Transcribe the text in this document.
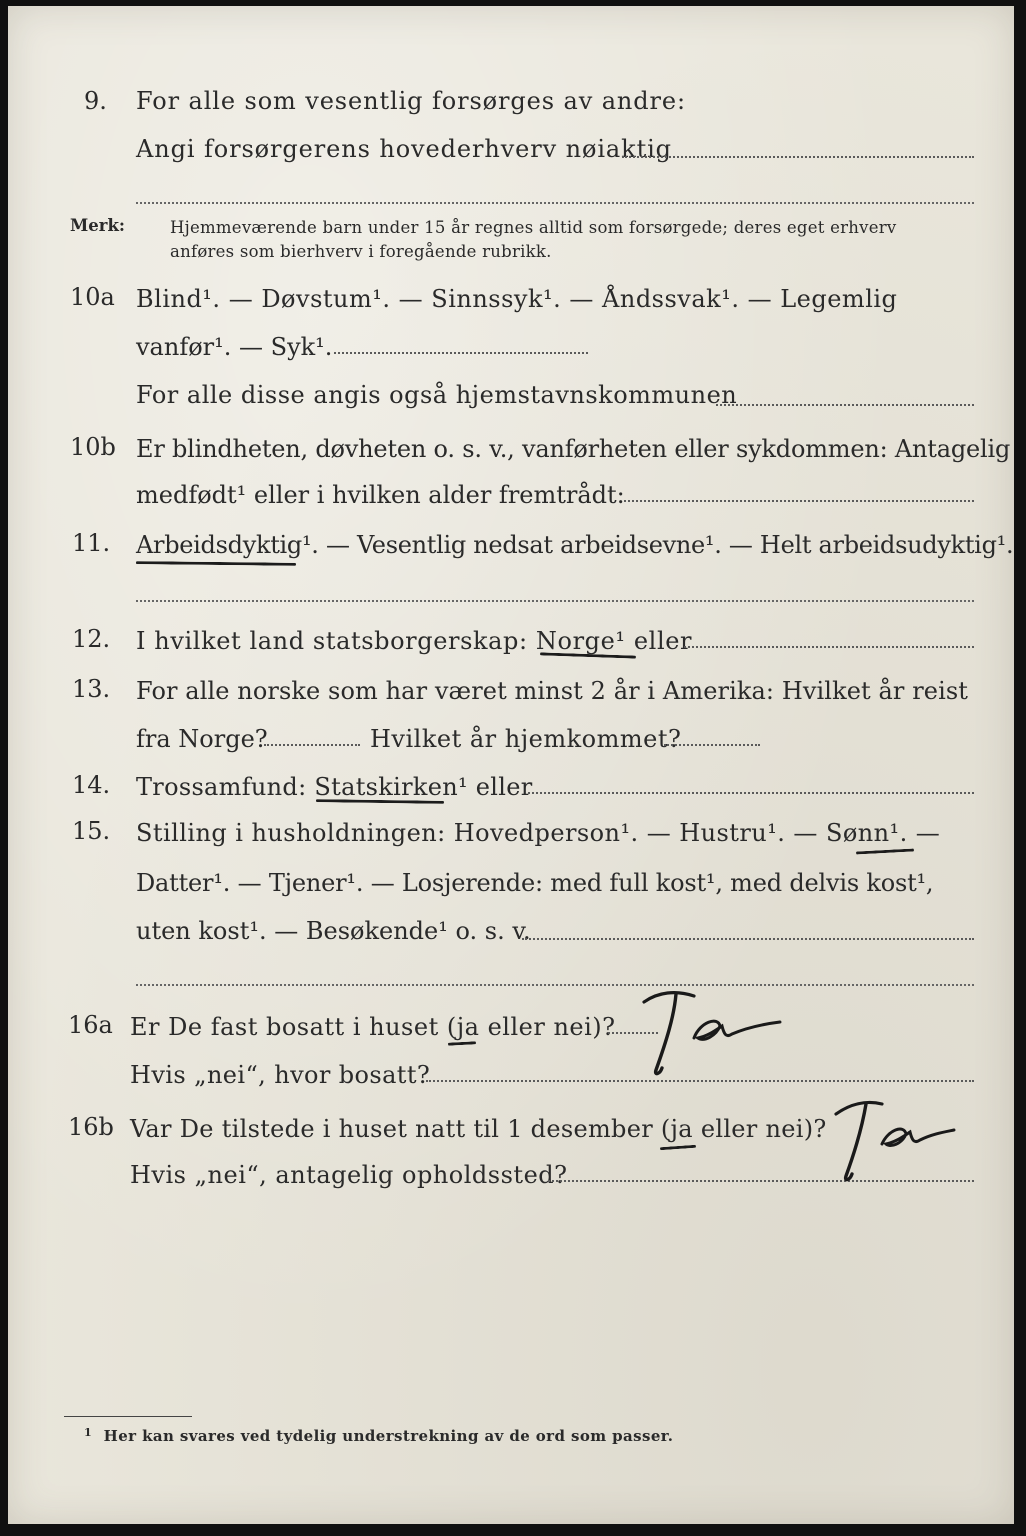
9. For alle som vesentlig forsørges av andre:
Angi forsørgerens hovederhverv nøiaktig
Merk:	Hjemmeværende barn under 15 år regnes alltid som forsørgede; deres eget erhverv
anføres som bierhverv i foregående rubrikk.
10a Blind¹. — Døvstum¹. — Sinnssyk¹. — Åndssvak¹. — Legemlig
vanfør¹. — Syk¹.
For alle disse angis også hjemstavnskommunen
10b Er blindheten, døvheten o. s. v., vanførheten eller sykdommen: Antagelig
medfødt¹ eller i hvilken alder fremtrådt:
11. Arbeidsdyktig¹. — Vesentlig nedsat arbeidsevne¹. — Helt arbeidsudyktig¹.
12. I hvilket land statsborgerskap: Norge¹ eller
13. For alle norske som har været minst 2 år i Amerika: Hvilket år reist
fra Norge?	Hvilket år hjemkommet?
14. Trossamfund: Statskirken¹ eller
15. Stilling i husholdningen: Hovedperson¹. — Hustru¹. — Sønn¹. —
Datter¹. — Tjener¹. — Losjerende: med full kost¹, med delvis kost¹,
uten kost¹. — Besøkende¹ o. s. v.
16a Er De fast bosatt i huset (ja eller nei)?
Hvis „nei“, hvor bosatt?
16b Var De tilstede i huset natt til 1 desember (ja eller nei)?
Hvis „nei“, antagelig opholdssted?
$^1$ Her kan svares ved tydelig understrekning av de ord som passer.
